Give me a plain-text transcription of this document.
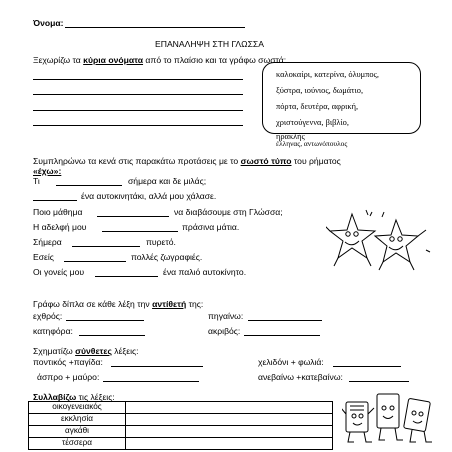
Όνομα:
ΕΠΑΝΑΛΗΨΗ ΣΤΗ ΓΛΩΣΣΑ
Ξεχωρίζω τα κύρια ονόματα από το πλαίσιο και τα γράφω σωστά:
καλοκαίρι, κατερίνα, όλυμπος,
ξύστρα, ιούνιος, δωμάτιο,
πόρτα, δευτέρα, αφρική,
χριστούγεννα, βιβλίο,
ηρακλής
έλληνας, αντωνόπουλος
Συμπληρώνω τα κενά στις παρακάτω προτάσεις με το σωστό τύπο του ρήματος
«έχω»:
Τι	σήμερα και δε μιλάς;
ένα αυτοκινητάκι, αλλά μου χάλασε.
Ποιο μάθημα	να διαβάσουμε στη Γλώσσα;
Η αδελφή μου	πράσινα μάτια.
Σήμερα	πυρετό.
Εσείς	πολλές ζωγραφιές.
Οι γονείς μου	ένα παλιό αυτοκίνητο.
Γράφω δίπλα σε κάθε λέξη την αντίθετή της:
εχθρός:	πηγαίνω:
κατηφόρα:	ακριβός:
Σχηματίζω σύνθετες λέξεις:
ποντικός +παγίδα:	χελιδόνι + φωλιά:
άσπρο + μαύρο:	ανεβαίνω +κατεβαίνω:
Συλλαβίζω τις λέξεις:
οικογενειακός	
εκκλησία	
αγκάθι	
τέσσερα	
